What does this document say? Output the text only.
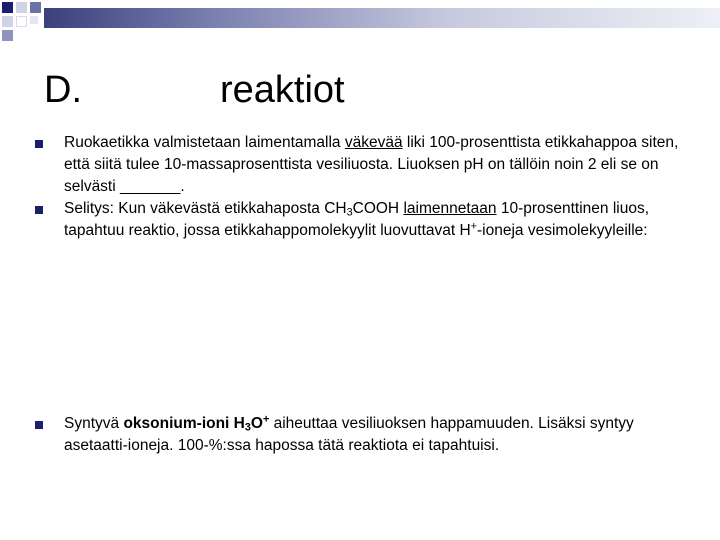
D.	reaktiot
Ruokaetikka valmistetaan laimentamalla väkevää liki 100-prosenttista etikkahappoa siten, että siitä tulee 10-massaprosenttista vesiliuosta. Liuoksen pH on tällöin noin 2 eli se on selvästi _______.
Selitys: Kun väkevästä etikkahaposta $CH_3COOH$ laimennetaan 10-prosenttinen liuos, tapahtuu reaktio, jossa etikkahappomolekyylit luovuttavat H+-ioneja vesimolekyyleille:
Syntyvä oksonium-ioni $H_3O^+$ aiheuttaa vesiliuoksen happamuuden. Lisäksi syntyy asetaatti-ioneja. 100-%:ssa hapossa tätä reaktiota ei tapahtuisi.
